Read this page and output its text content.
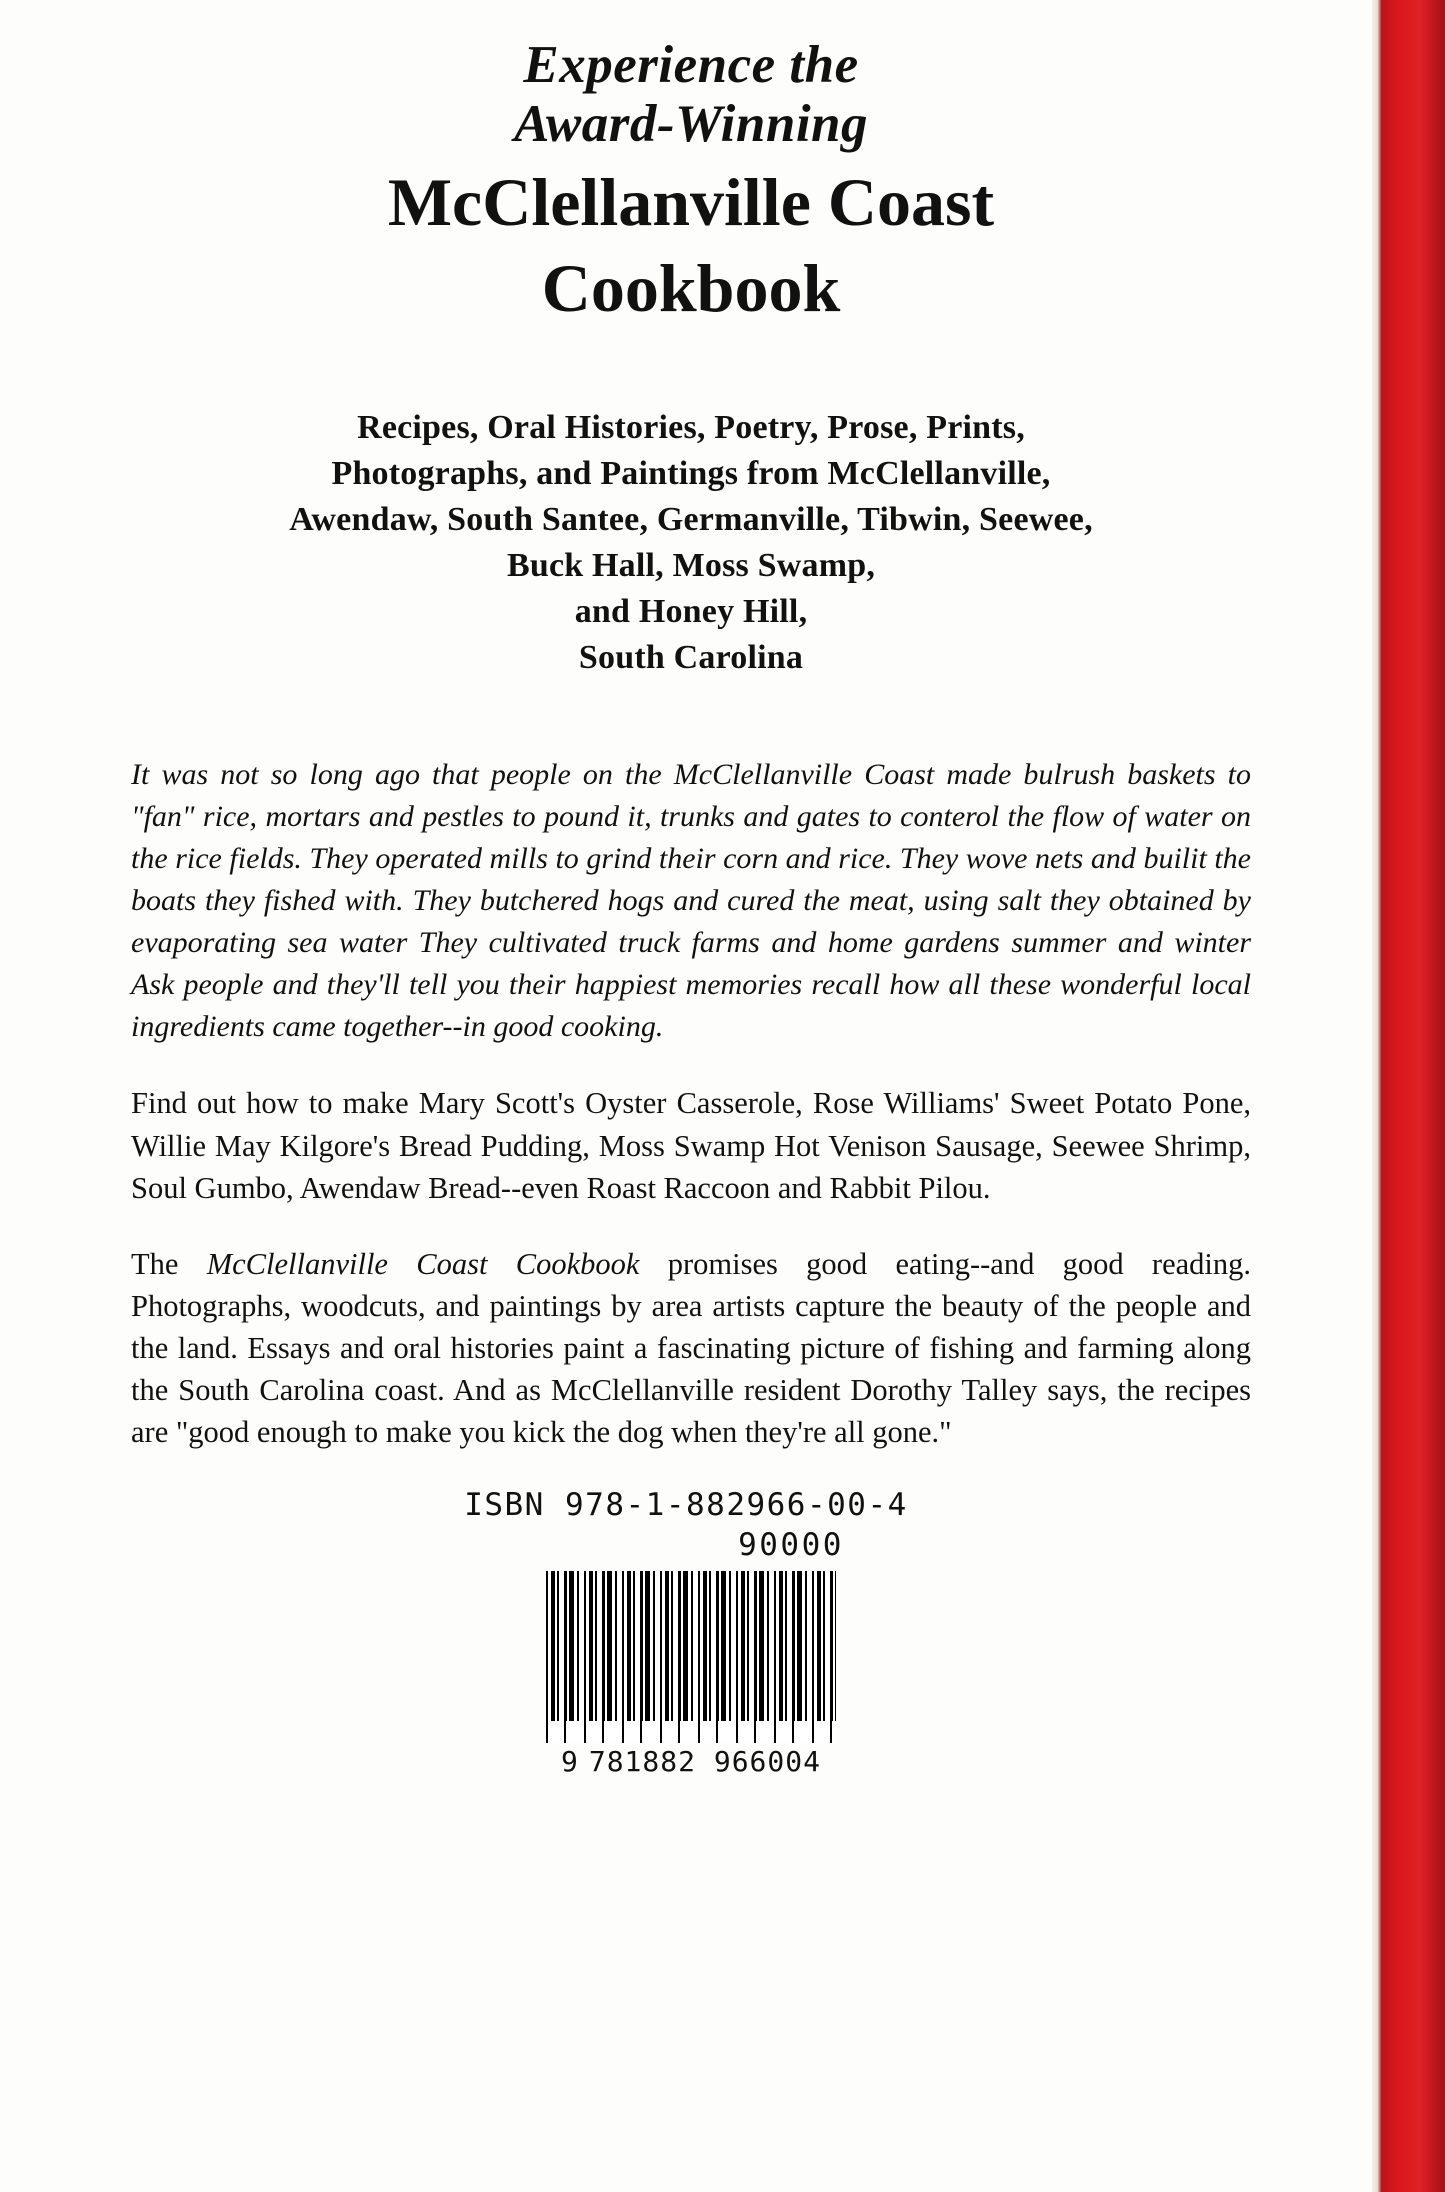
Experience the
Award-Winning
McClellanville Coast
Cookbook
Recipes, Oral Histories, Poetry, Prose, Prints,
Photographs, and Paintings from McClellanville,
Awendaw, South Santee, Germanville, Tibwin, Seewee,
Buck Hall, Moss Swamp,
and Honey Hill,
South Carolina

It was not so long ago that people on the McClellanville Coast made bulrush baskets to "fan" rice, mortars and pestles to pound it, trunks and gates to conterol the flow of water on the rice fields. They operated mills to grind their corn and rice. They wove nets and builit the boats they fished with. They butchered hogs and cured the meat, using salt they obtained by evaporating sea water They cultivated truck farms and home gardens summer and winter Ask people and they'll tell you their happiest memories recall how all these wonderful local ingredients came together--in good cooking.

Find out how to make Mary Scott's Oyster Casserole, Rose Williams' Sweet Potato Pone, Willie May Kilgore's Bread Pudding, Moss Swamp Hot Venison Sausage, Seewee Shrimp, Soul Gumbo, Awendaw Bread--even Roast Raccoon and Rabbit Pilou.

The McClellanville Coast Cookbook promises good eating--and good reading. Photographs, woodcuts, and paintings by area artists capture the beauty of the people and the land. Essays and oral histories paint a fascinating picture of fishing and farming along the South Carolina coast. And as McClellanville resident Dorothy Talley says, the recipes are "good enough to make you kick the dog when they're all gone."

ISBN 978-1-882966-00-4
90000
9 781882 966004
